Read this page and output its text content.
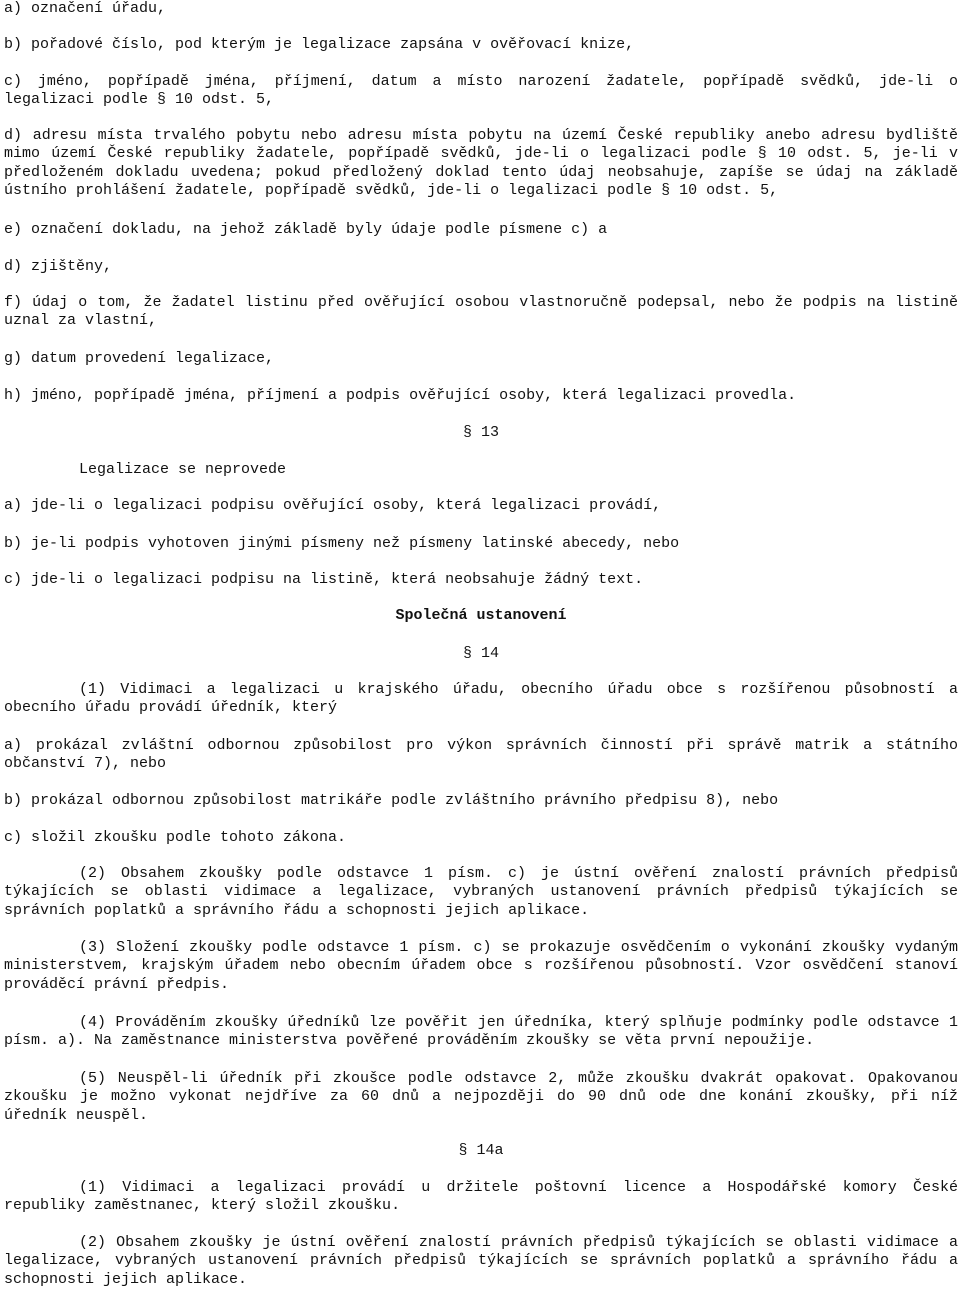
a) označení úřadu,

b) pořadové číslo, pod kterým je legalizace zapsána v ověřovací knize,

c) jméno, popřípadě jména, příjmení, datum a místo narození žadatele, popřípadě svědků, jde-li o legalizaci podle § 10 odst. 5,

d) adresu místa trvalého pobytu nebo adresu místa pobytu na území České republiky anebo adresu bydliště mimo území České republiky žadatele, popřípadě svědků, jde-li o legalizaci podle § 10 odst. 5, je-li v předloženém dokladu uvedena; pokud předložený doklad tento údaj neobsahuje, zapíše se údaj na základě ústního prohlášení žadatele, popřípadě svědků, jde-li o legalizaci podle § 10 odst. 5,

e) označení dokladu, na jehož základě byly údaje podle písmene c) a

d) zjištěny,

f) údaj o tom, že žadatel listinu před ověřující osobou vlastnoručně podepsal, nebo že podpis na listině uznal za vlastní,

g) datum provedení legalizace,

h) jméno, popřípadě jména, příjmení a podpis ověřující osoby, která legalizaci provedla.

§ 13

Legalizace se neprovede

a) jde-li o legalizaci podpisu ověřující osoby, která legalizaci provádí,

b) je-li podpis vyhotoven jinými písmeny než písmeny latinské abecedy, nebo

c) jde-li o legalizaci podpisu na listině, která neobsahuje žádný text.

Společná ustanovení

§ 14

(1) Vidimaci a legalizaci u krajského úřadu, obecního úřadu obce s rozšířenou působností a obecního úřadu provádí úředník, který

a) prokázal zvláštní odbornou způsobilost pro výkon správních činností při správě matrik a státního občanství 7), nebo

b) prokázal odbornou způsobilost matrikáře podle zvláštního právního předpisu 8), nebo

c) složil zkoušku podle tohoto zákona.

(2) Obsahem zkoušky podle odstavce 1 písm. c) je ústní ověření znalostí právních předpisů týkajících se oblasti vidimace a legalizace, vybraných ustanovení právních předpisů týkajících se správních poplatků a správního řádu a schopnosti jejich aplikace.

(3) Složení zkoušky podle odstavce 1 písm. c) se prokazuje osvědčením o vykonání zkoušky vydaným ministerstvem, krajským úřadem nebo obecním úřadem obce s rozšířenou působností. Vzor osvědčení stanoví prováděcí právní předpis.

(4) Prováděním zkoušky úředníků lze pověřit jen úředníka, který splňuje podmínky podle odstavce 1 písm. a). Na zaměstnance ministerstva pověřené prováděním zkoušky se věta první nepoužije.

(5) Neuspěl-li úředník při zkoušce podle odstavce 2, může zkoušku dvakrát opakovat. Opakovanou zkoušku je možno vykonat nejdříve za 60 dnů a nejpozději do 90 dnů ode dne konání zkoušky, při níž úředník neuspěl.

§ 14a

(1) Vidimaci a legalizaci provádí u držitele poštovní licence a Hospodářské komory České republiky zaměstnanec, který složil zkoušku.

(2) Obsahem zkoušky je ústní ověření znalostí právních předpisů týkajících se oblasti vidimace a legalizace, vybraných ustanovení právních předpisů týkajících se správních poplatků a správního řádu a schopnosti jejich aplikace.
